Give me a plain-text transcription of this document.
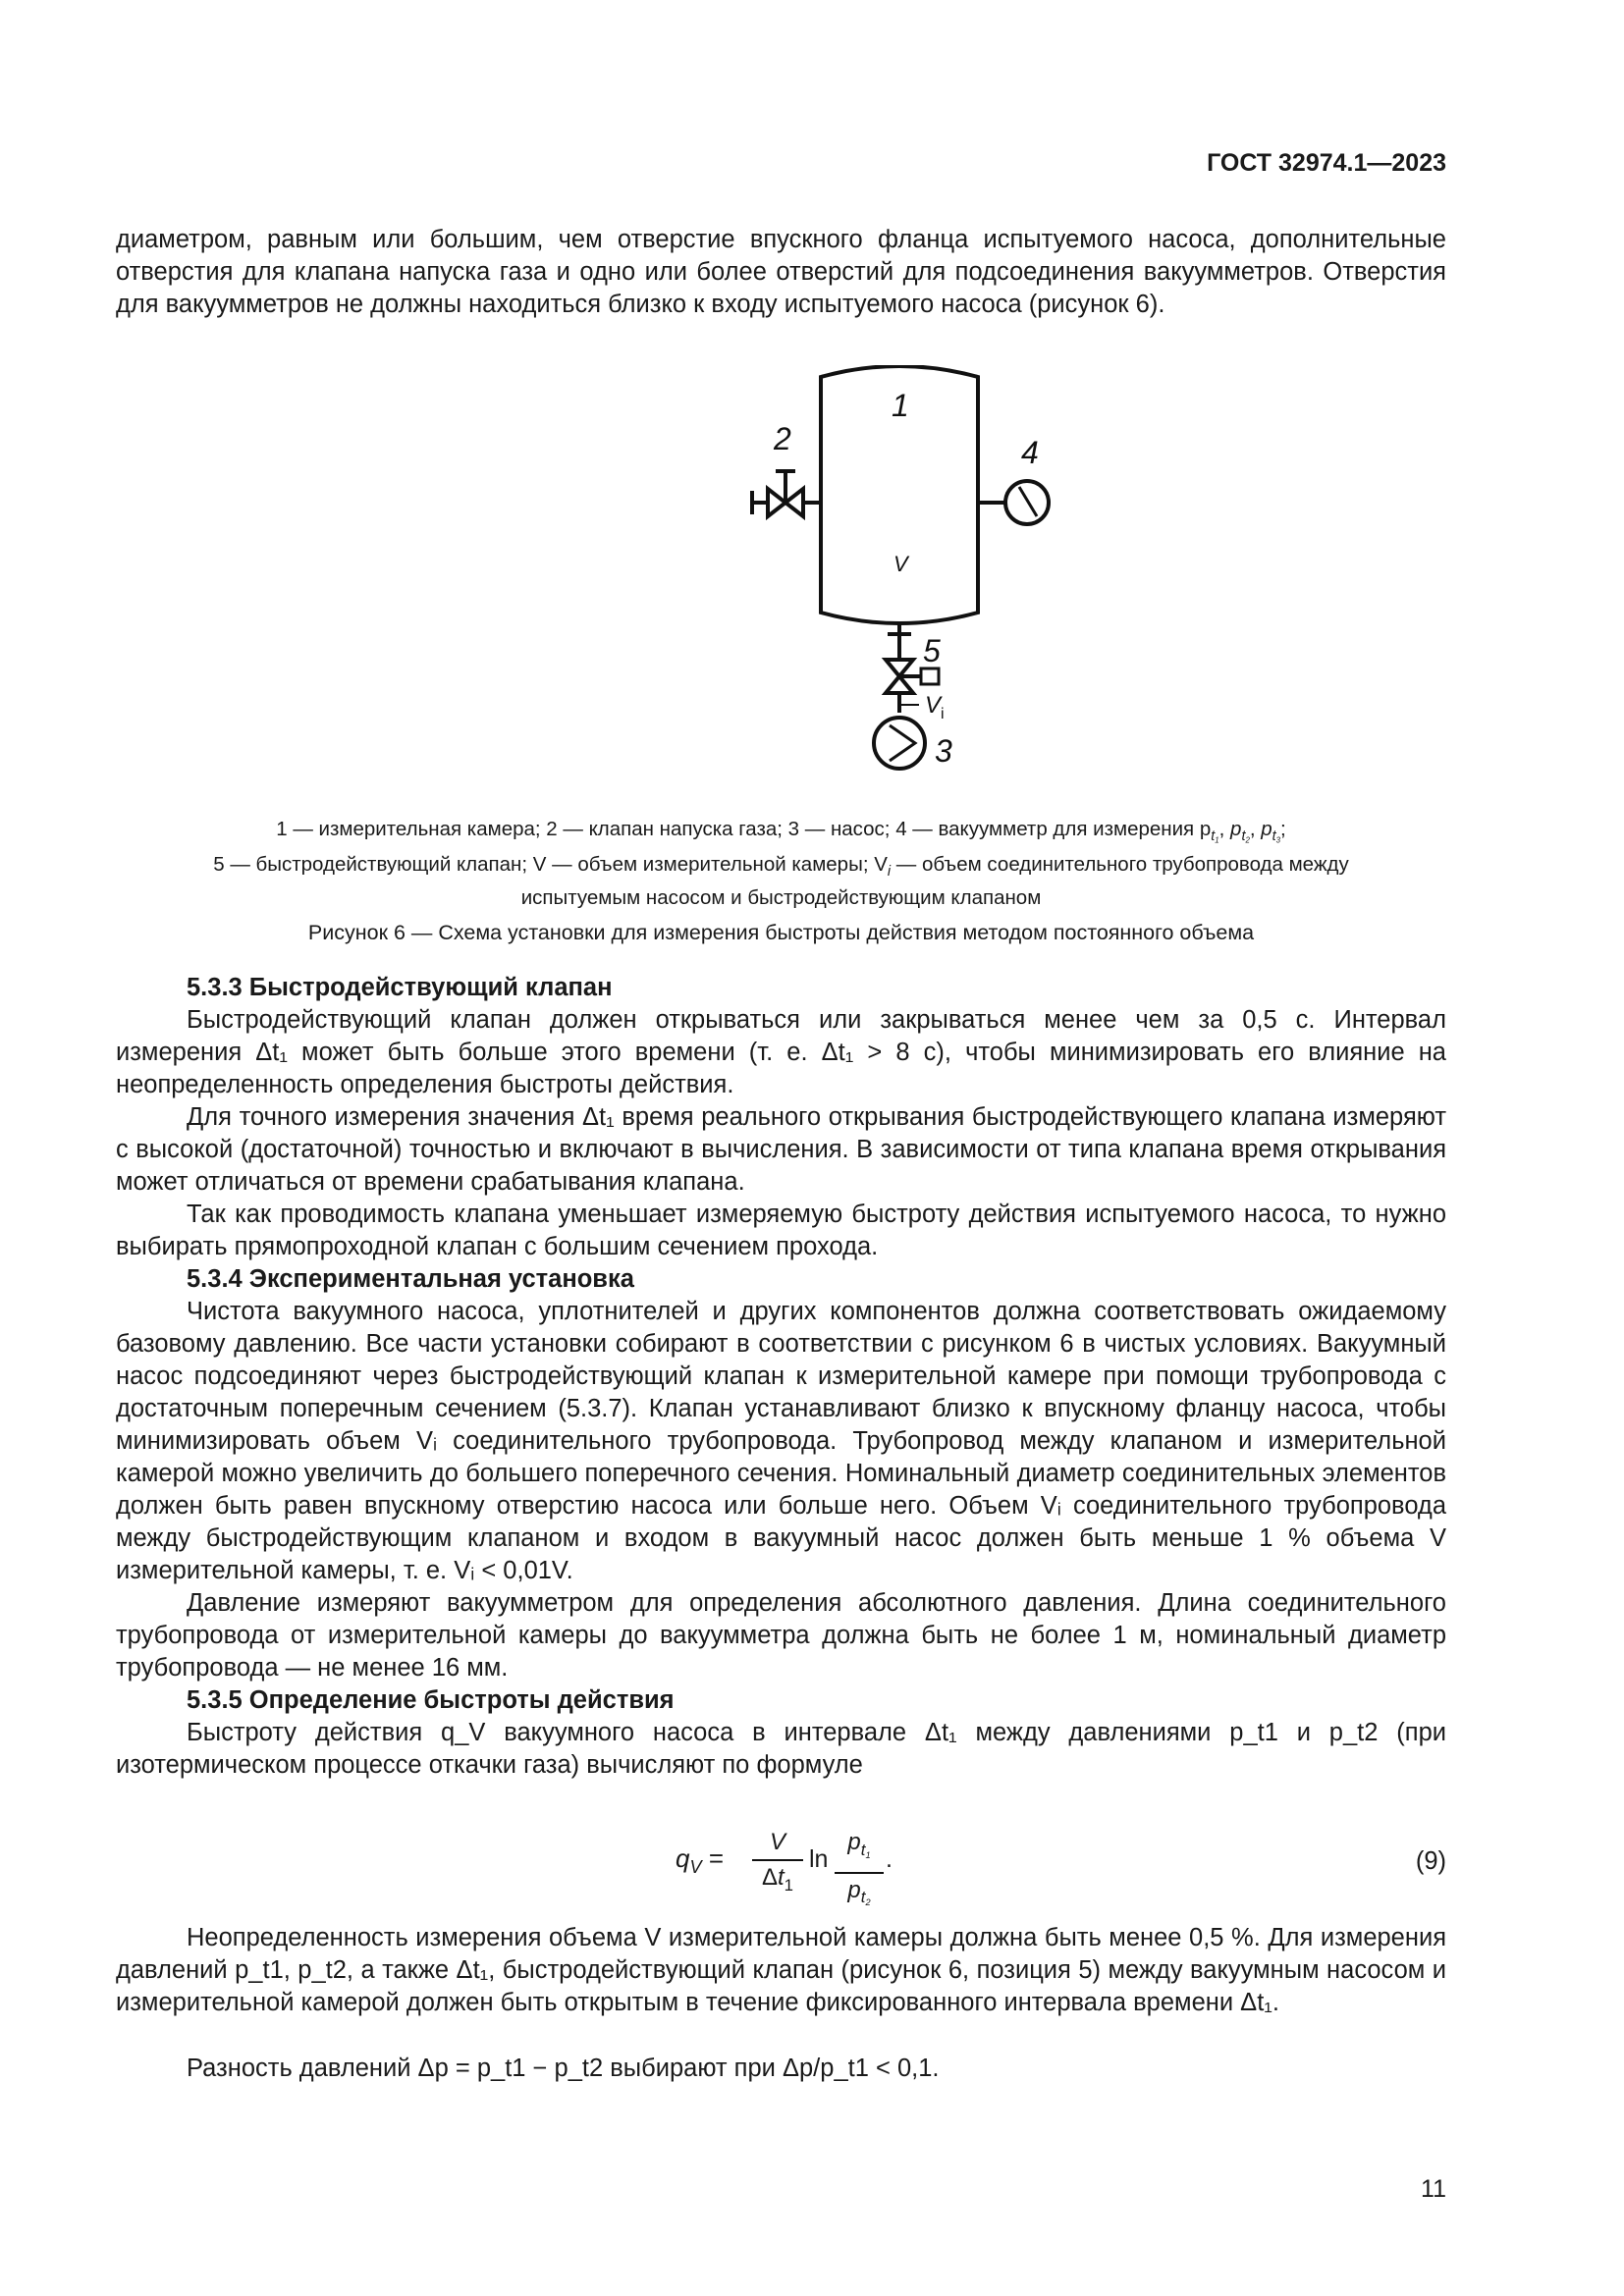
ГОСТ 32974.1—2023

диаметром, равным или большим, чем отверстие впускного фланца испытуемого насоса, дополнительные отверстия для клапана напуска газа и одно или более отверстий для подсоединения вакуумметров. Отверстия для вакуумметров не должны находиться близко к входу испытуемого насоса (рисунок 6).

1
2	4
V
5
V i
3
1 — измерительная камера; 2 — клапан напуска газа; 3 — насос; 4 — вакуумметр для измерения $p_{t_1}$, $p_{t_2}$, $p_{t_3}$;
5 — быстродействующий клапан; V — объем измерительной камеры; $V_i$ — объем соединительного трубопровода между
испытуемым насосом и быстродействующим клапаном

Рисунок 6 — Схема установки для измерения быстроты действия методом постоянного объема

5.3.3 Быстродействующий клапан

Быстродействующий клапан должен открываться или закрываться менее чем за 0,5 с. Интервал измерения Δt₁ может быть больше этого времени (т. е. Δt₁ > 8 с), чтобы минимизировать его влияние на неопределенность определения быстроты действия.

Для точного измерения значения Δt₁ время реального открывания быстродействующего клапана измеряют с высокой (достаточной) точностью и включают в вычисления. В зависимости от типа клапана время открывания может отличаться от времени срабатывания клапана.

Так как проводимость клапана уменьшает измеряемую быстроту действия испытуемого насоса, то нужно выбирать прямопроходной клапан с большим сечением прохода.

5.3.4 Экспериментальная установка

Чистота вакуумного насоса, уплотнителей и других компонентов должна соответствовать ожидаемому базовому давлению. Все части установки собирают в соответствии с рисунком 6 в чистых условиях. Вакуумный насос подсоединяют через быстродействующий клапан к измерительной камере при помощи трубопровода с достаточным поперечным сечением (5.3.7). Клапан устанавливают близко к впускному фланцу насоса, чтобы минимизировать объем Vᵢ соединительного трубопровода. Трубопровод между клапаном и измерительной камерой можно увеличить до большего поперечного сечения. Номинальный диаметр соединительных элементов должен быть равен впускному отверстию насоса или больше него. Объем Vᵢ соединительного трубопровода между быстродействующим клапаном и входом в вакуумный насос должен быть меньше 1 % объема V измерительной камеры, т. е. Vᵢ < 0,01V.

Давление измеряют вакуумметром для определения абсолютного давления. Длина соединительного трубопровода от измерительной камеры до вакуумметра должна быть не более 1 м, номинальный диаметр трубопровода — не менее 16 мм.

5.3.5 Определение быстроты действия

Быстроту действия q_V вакуумного насоса в интервале Δt₁ между давлениями p_t1 и p_t2 (при изотермическом процессе откачки газа) вычисляют по формуле

$q_V = \frac{V}{\Delta t_1}$ $\ln \frac{p_{t_1}}{p_{t_2}}$ .	(9)

Неопределенность измерения объема V измерительной камеры должна быть менее 0,5 %. Для измерения давлений p_t1, p_t2, а также Δt₁, быстродействующий клапан (рисунок 6, позиция 5) между вакуумным насосом и измерительной камерой должен быть открытым в течение фиксированного интервала времени Δt₁.

Разность давлений Δp = p_t1 − p_t2 выбирают при Δp/p_t1 < 0,1.

11
